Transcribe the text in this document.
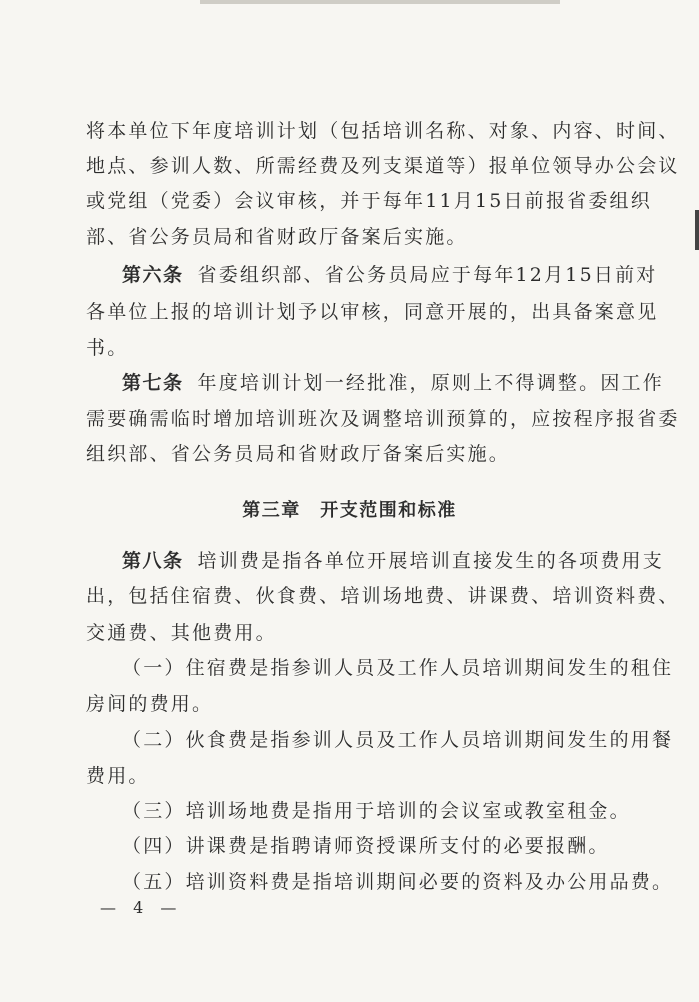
将本单位下年度培训计划（包括培训名称、对象、内容、时间、
地点、参训人数、所需经费及列支渠道等）报单位领导办公会议
或党组（党委）会议审核，并于每年11月15日前报省委组织
部、省公务员局和省财政厅备案后实施。
第六条 省委组织部、省公务员局应于每年12月15日前对
各单位上报的培训计划予以审核，同意开展的，出具备案意见
书。
第七条 年度培训计划一经批准，原则上不得调整。因工作
需要确需临时增加培训班次及调整培训预算的，应按程序报省委
组织部、省公务员局和省财政厅备案后实施。
第三章　开支范围和标准
第八条 培训费是指各单位开展培训直接发生的各项费用支
出，包括住宿费、伙食费、培训场地费、讲课费、培训资料费、
交通费、其他费用。
（一）住宿费是指参训人员及工作人员培训期间发生的租住
房间的费用。
（二）伙食费是指参训人员及工作人员培训期间发生的用餐
费用。
（三）培训场地费是指用于培训的会议室或教室租金。
（四）讲课费是指聘请师资授课所支付的必要报酬。
（五）培训资料费是指培训期间必要的资料及办公用品费。
— 4 —
